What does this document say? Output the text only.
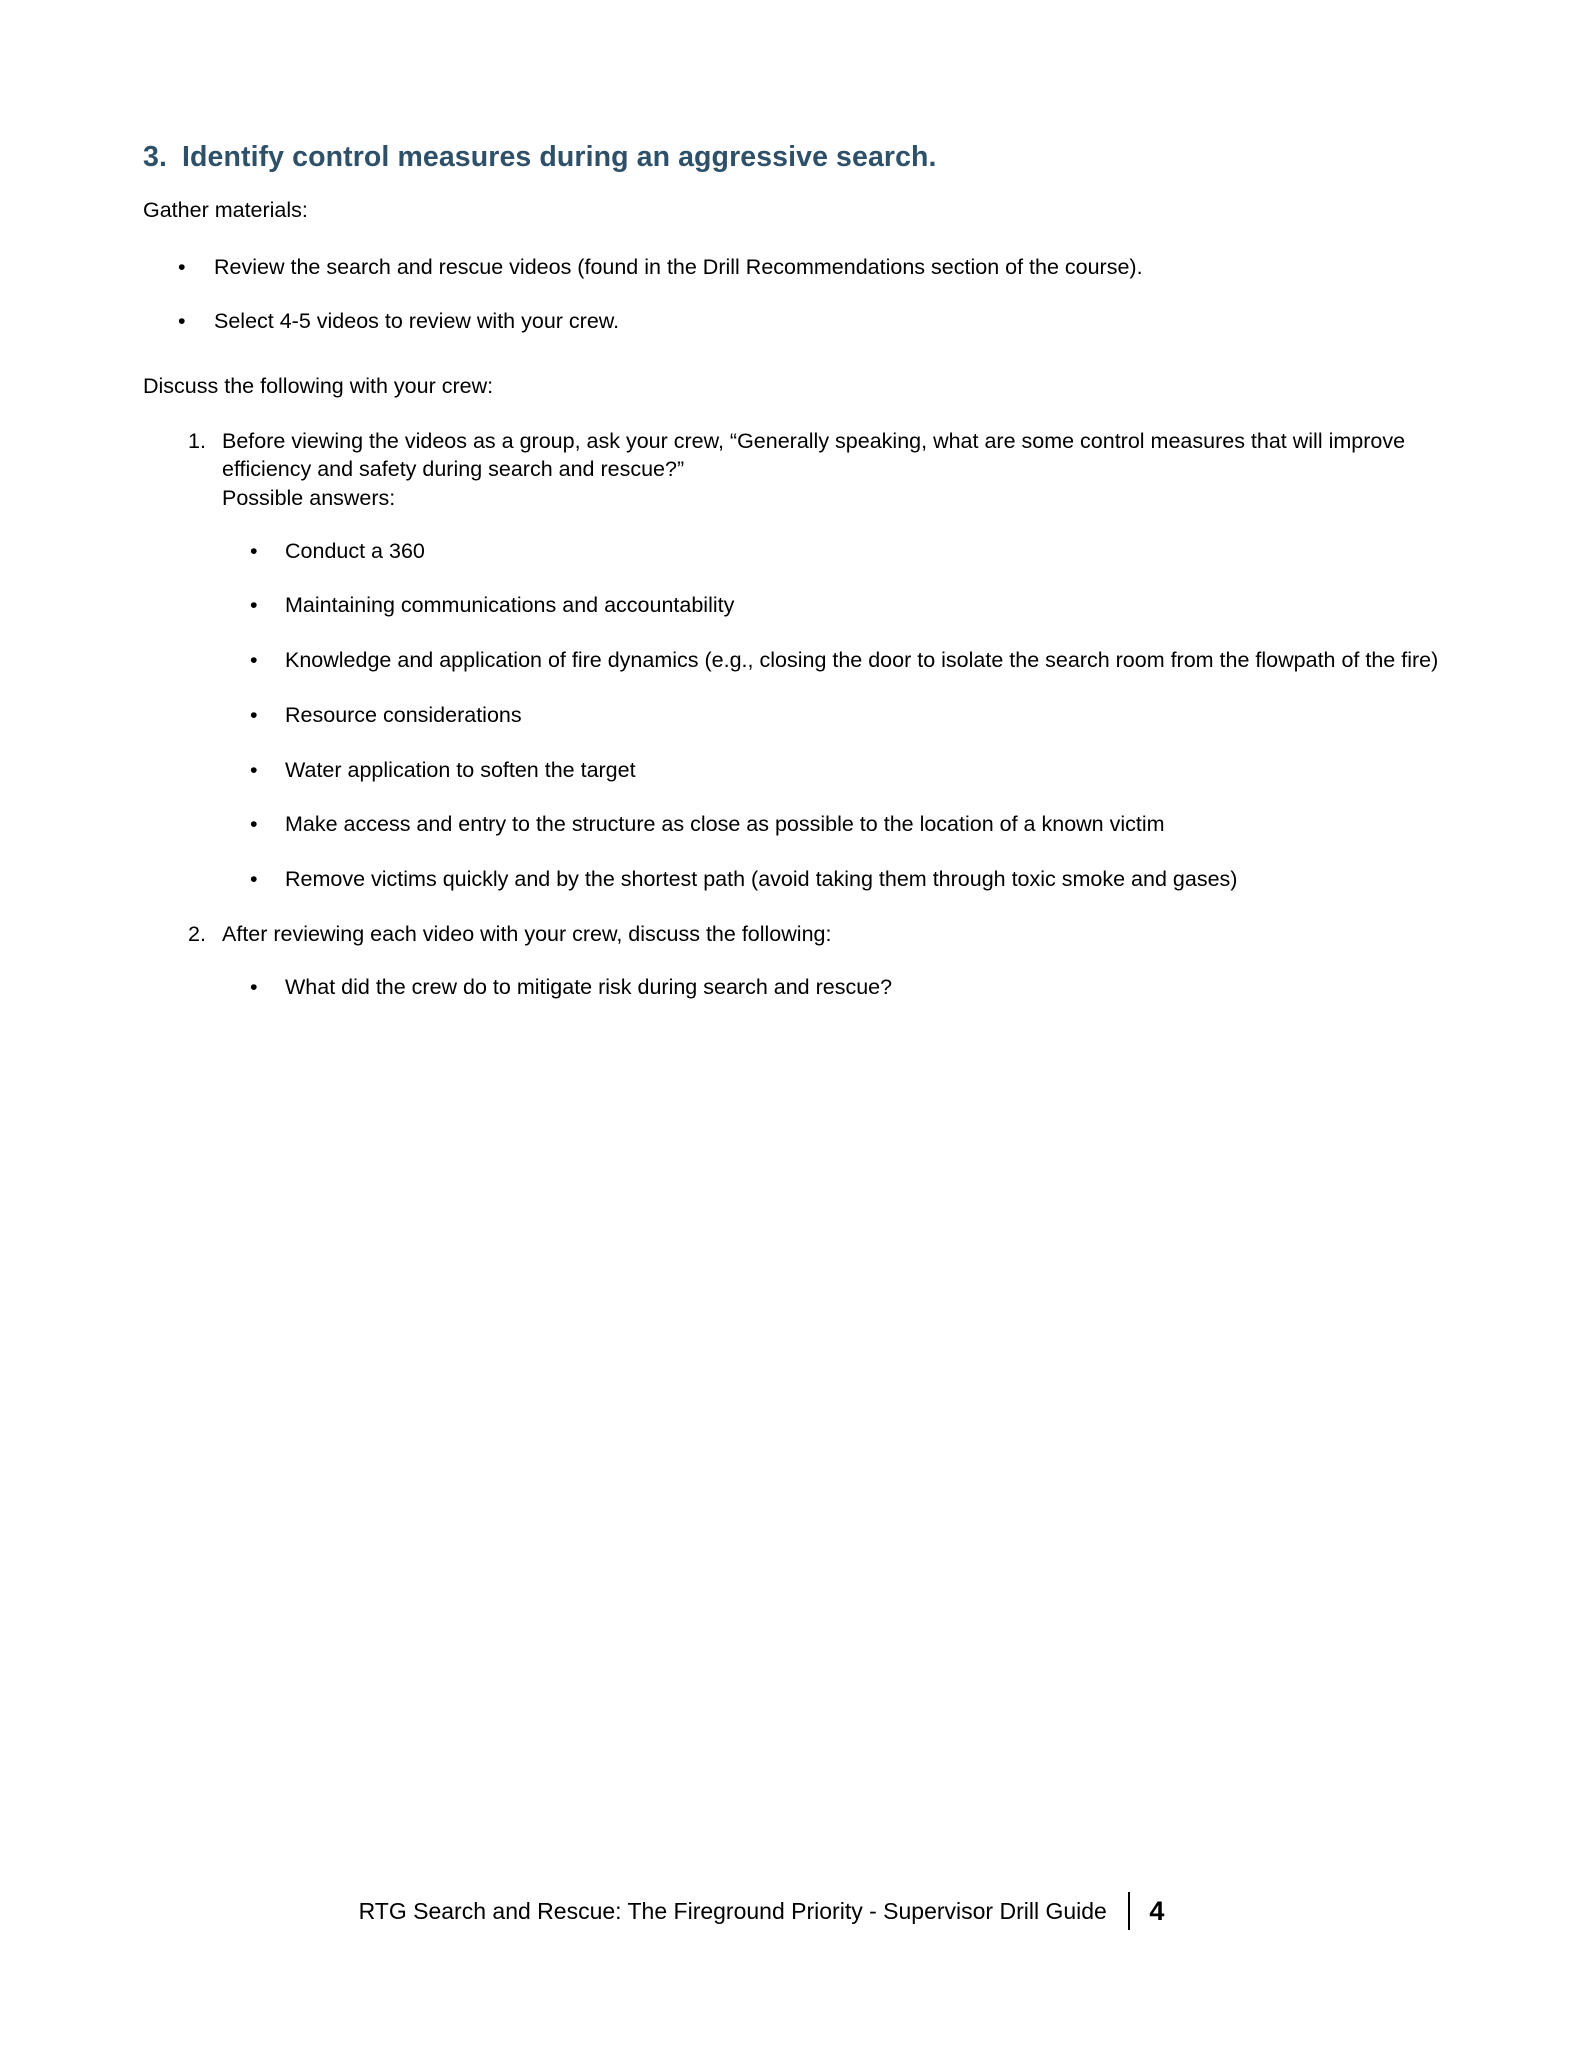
3. Identify control measures during an aggressive search.

Gather materials:

• Review the search and rescue videos (found in the Drill Recommendations section of the course).
• Select 4-5 videos to review with your crew.

Discuss the following with your crew:

1. Before viewing the videos as a group, ask your crew, “Generally speaking, what are some control measures that will improve efficiency and safety during search and rescue?”

Possible answers:

• Conduct a 360
• Maintaining communications and accountability
• Knowledge and application of fire dynamics (e.g., closing the door to isolate the search room from the flowpath of the fire)
• Resource considerations
• Water application to soften the target
• Make access and entry to the structure as close as possible to the location of a known victim
• Remove victims quickly and by the shortest path (avoid taking them through toxic smoke and gases)
2. After reviewing each video with your crew, discuss the following:
• What did the crew do to mitigate risk during search and rescue?
RTG Search and Rescue: The Fireground Priority - Supervisor Drill Guide 4
